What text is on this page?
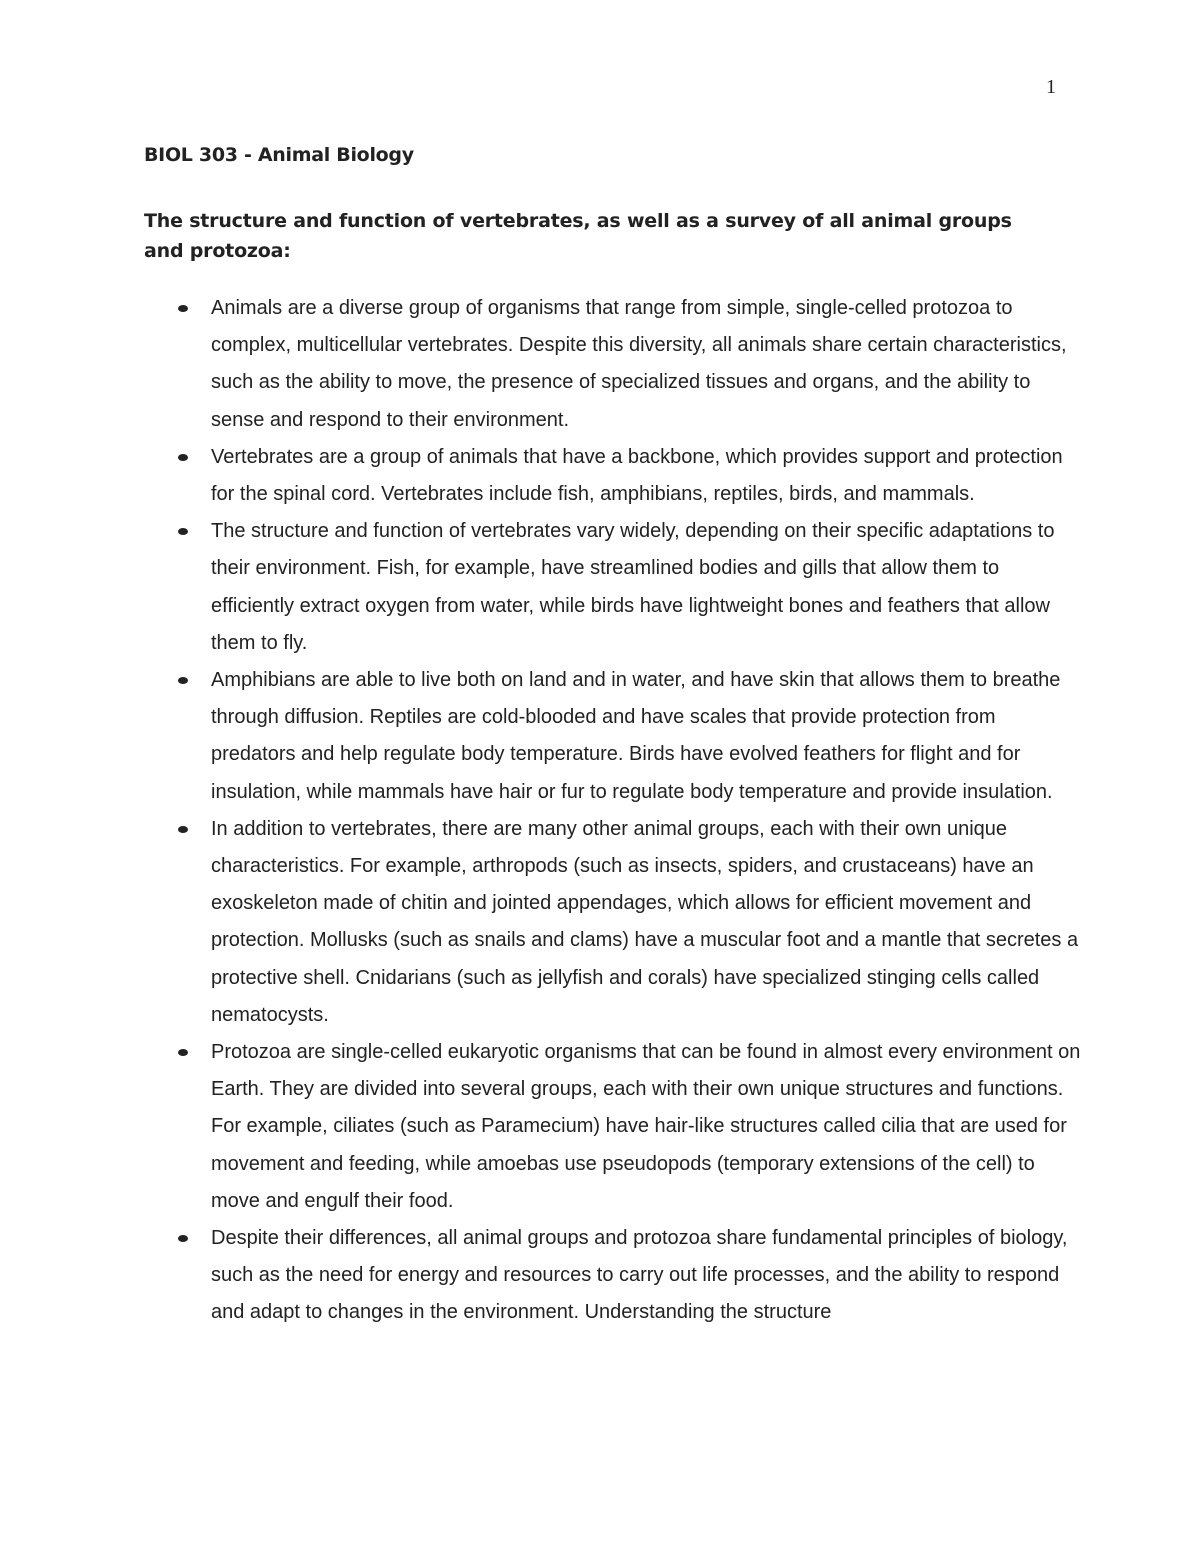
1
BIOL 303 - Animal Biology
The structure and function of vertebrates, as well as a survey of all animal groups and protozoa:
Animals are a diverse group of organisms that range from simple, single-celled protozoa to complex, multicellular vertebrates. Despite this diversity, all animals share certain characteristics, such as the ability to move, the presence of specialized tissues and organs, and the ability to sense and respond to their environment.
Vertebrates are a group of animals that have a backbone, which provides support and protection for the spinal cord. Vertebrates include fish, amphibians, reptiles, birds, and mammals.
The structure and function of vertebrates vary widely, depending on their specific adaptations to their environment. Fish, for example, have streamlined bodies and gills that allow them to efficiently extract oxygen from water, while birds have lightweight bones and feathers that allow them to fly.
Amphibians are able to live both on land and in water, and have skin that allows them to breathe through diffusion. Reptiles are cold-blooded and have scales that provide protection from predators and help regulate body temperature. Birds have evolved feathers for flight and for insulation, while mammals have hair or fur to regulate body temperature and provide insulation.
In addition to vertebrates, there are many other animal groups, each with their own unique characteristics. For example, arthropods (such as insects, spiders, and crustaceans) have an exoskeleton made of chitin and jointed appendages, which allows for efficient movement and protection. Mollusks (such as snails and clams) have a muscular foot and a mantle that secretes a protective shell. Cnidarians (such as jellyfish and corals) have specialized stinging cells called nematocysts.
Protozoa are single-celled eukaryotic organisms that can be found in almost every environment on Earth. They are divided into several groups, each with their own unique structures and functions. For example, ciliates (such as Paramecium) have hair-like structures called cilia that are used for movement and feeding, while amoebas use pseudopods (temporary extensions of the cell) to move and engulf their food.
Despite their differences, all animal groups and protozoa share fundamental principles of biology, such as the need for energy and resources to carry out life processes, and the ability to respond and adapt to changes in the environment. Understanding the structure
